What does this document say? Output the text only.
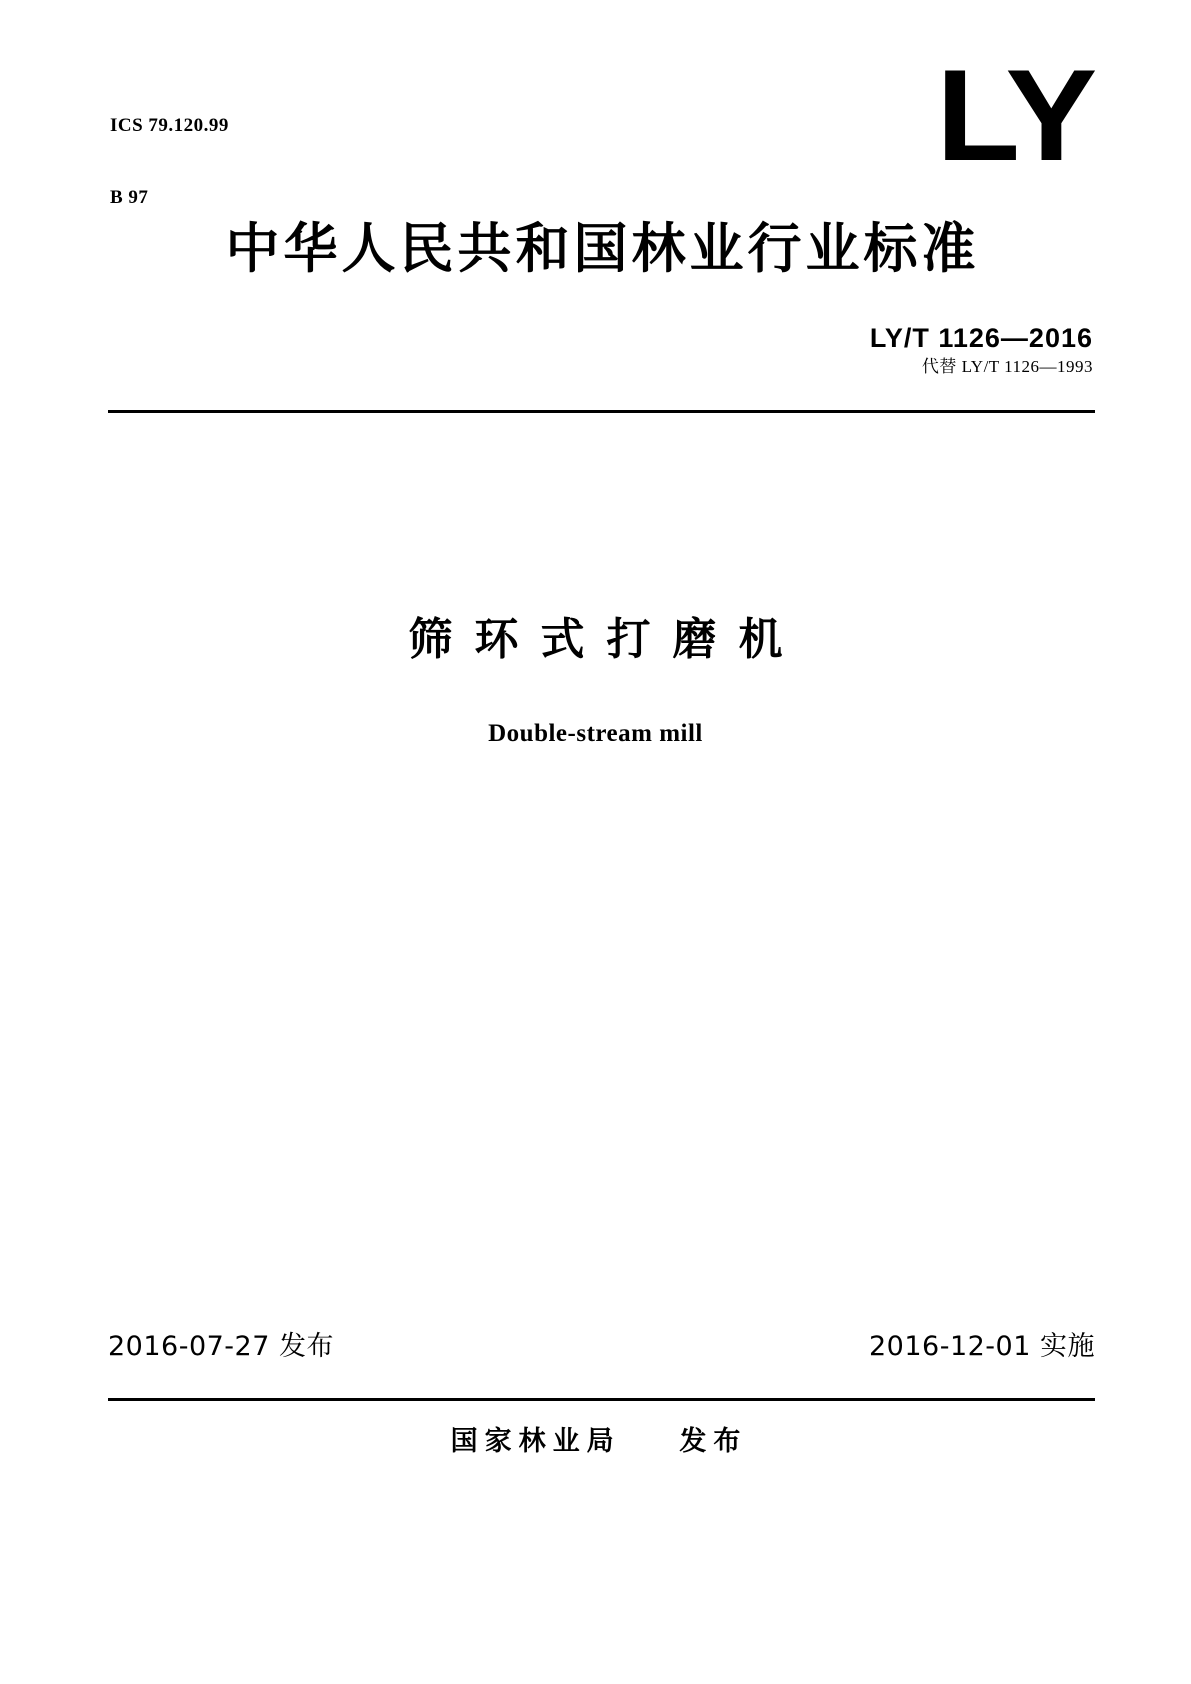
ICS 79.120.99

B 97

LY
中华人民共和国林业行业标准
LY/T 1126—2016
代替 LY/T 1126—1993
筛环式打磨机
Double-stream mill
2016-07-27 发布	2016-12-01 实施
国家林业局 发布
